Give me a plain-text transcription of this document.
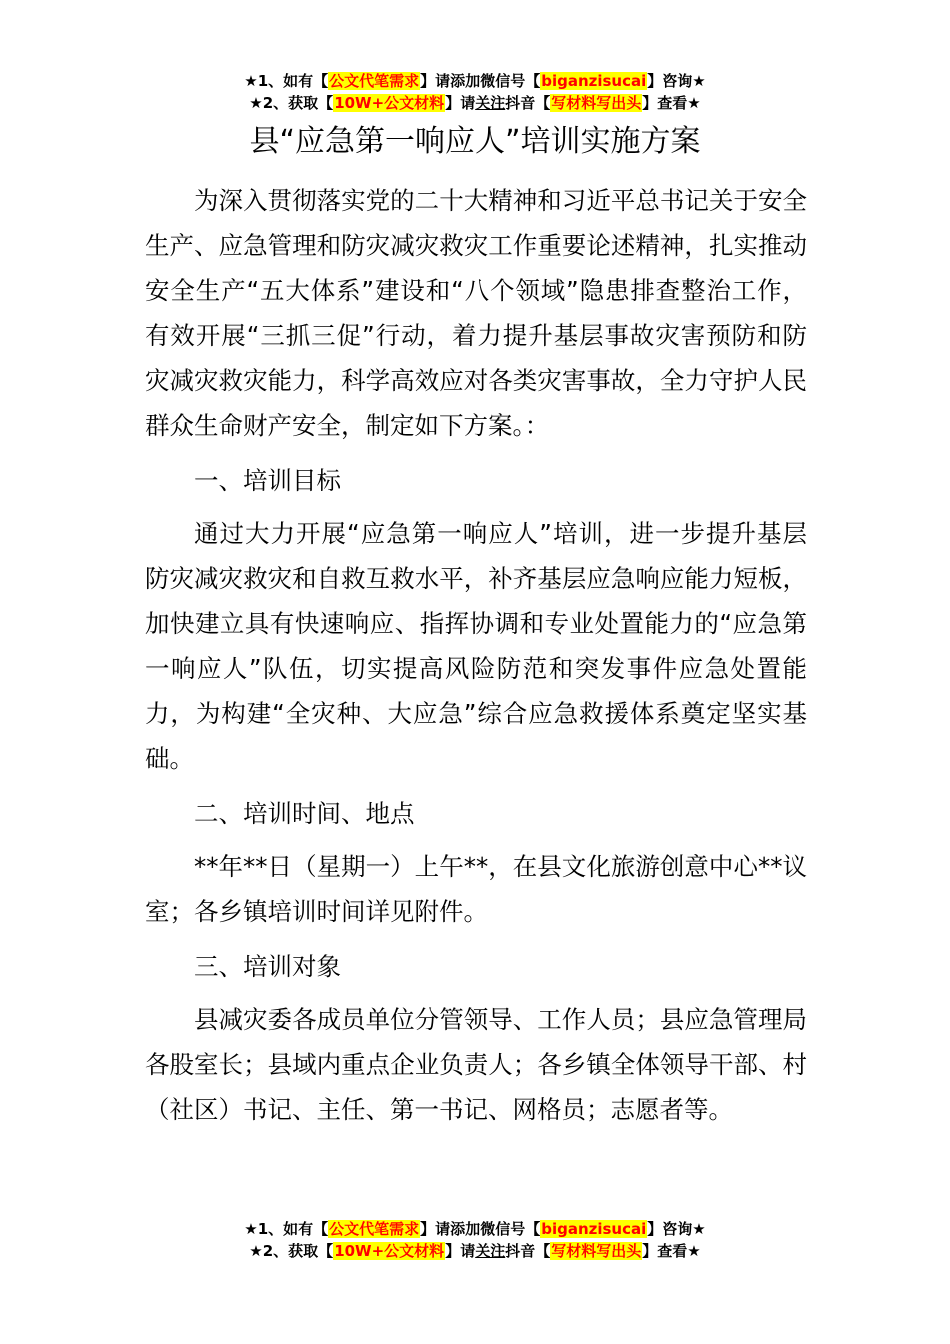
★1、如有【公文代笔需求】请添加微信号【biganzisucai】咨询★
★2、获取【10W+公文材料】请关注抖音【写材料写出头】查看★
县“应急第一响应人”培训实施方案

为深入贯彻落实党的二十大精神和习近平总书记关于安全生产、应急管理和防灾减灾救灾工作重要论述精神，扎实推动安全生产“五大体系”建设和“八个领域”隐患排查整治工作，有效开展“三抓三促”行动，着力提升基层事故灾害预防和防灾减灾救灾能力，科学高效应对各类灾害事故，全力守护人民群众生命财产安全，制定如下方案。：

一、培训目标

通过大力开展“应急第一响应人”培训，进一步提升基层防灾减灾救灾和自救互救水平，补齐基层应急响应能力短板，加快建立具有快速响应、指挥协调和专业处置能力的“应急第一响应人”队伍，切实提高风险防范和突发事件应急处置能力，为构建“全灾种、大应急”综合应急救援体系奠定坚实基础。

二、培训时间、地点

**年**日（星期一）上午**，在县文化旅游创意中心**议室；各乡镇培训时间详见附件。

三、培训对象

县减灾委各成员单位分管领导、工作人员；县应急管理局各股室长；县域内重点企业负责人；各乡镇全体领导干部、村（社区）书记、主任、第一书记、网格员；志愿者等。

★1、如有【公文代笔需求】请添加微信号【biganzisucai】咨询★
★2、获取【10W+公文材料】请关注抖音【写材料写出头】查看★
